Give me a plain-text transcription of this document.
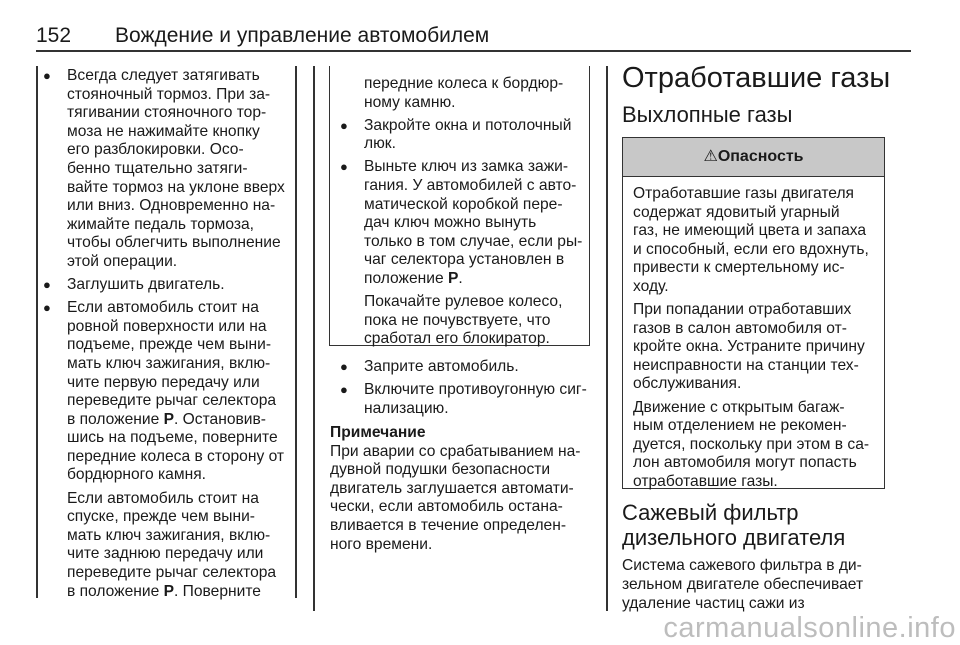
152 Вождение и управление автомобилем
● Всегда следует затягивать
стояночный тормоз. При за-
тягивании стояночного тор-
моза не нажимайте кнопку
его разблокировки. Осо-
бенно тщательно затяги-
вайте тормоз на уклоне вверх
или вниз. Одновременно на-
жимайте педаль тормоза,
чтобы облегчить выполнение
этой операции.
● Заглушить двигатель.
● Если автомобиль стоит на
ровной поверхности или на
подъеме, прежде чем выни-
мать ключ зажигания, вклю-
чите первую передачу или
переведите рычаг селектора
в положение P. Остановив-
шись на подъеме, поверните
передние колеса в сторону от
бордюрного камня.
Если автомобиль стоит на
спуске, прежде чем выни-
мать ключ зажигания, вклю-
чите заднюю передачу или
переведите рычаг селектора
в положение P. Поверните
передние колеса к бордюр-
ному камню.
● Закройте окна и потолочный
люк.
● Выньте ключ из замка зажи-
гания. У автомобилей с авто-
матической коробкой пере-
дач ключ можно вынуть
только в том случае, если ры-
чаг селектора установлен в
положение P.
Покачайте рулевое колесо,
пока не почувствуете, что
сработал его блокиратор.
● Заприте автомобиль.
● Включите противоугонную сиг-
нализацию.
Примечание
При аварии со срабатыванием на-
дувной подушки безопасности
двигатель заглушается автомати-
чески, если автомобиль остана-
вливается в течение определен-
ного времени.
Отработавшие газы
Выхлопные газы
⚠Опасность
Отработавшие газы двигателя
содержат ядовитый угарный
газ, не имеющий цвета и запаха
и способный, если его вдохнуть,
привести к смертельному ис-
ходу.
При попадании отработавших
газов в салон автомобиля от-
кройте окна. Устраните причину
неисправности на станции тех-
обслуживания.
Движение с открытым багаж-
ным отделением не рекомен-
дуется, поскольку при этом в са-
лон автомобиля могут попасть
отработавшие газы.
Сажевый фильтр
дизельного двигателя
Система сажевого фильтра в ди-
зельном двигателе обеспечивает
удаление частиц сажи из
carmanualsonline.info
